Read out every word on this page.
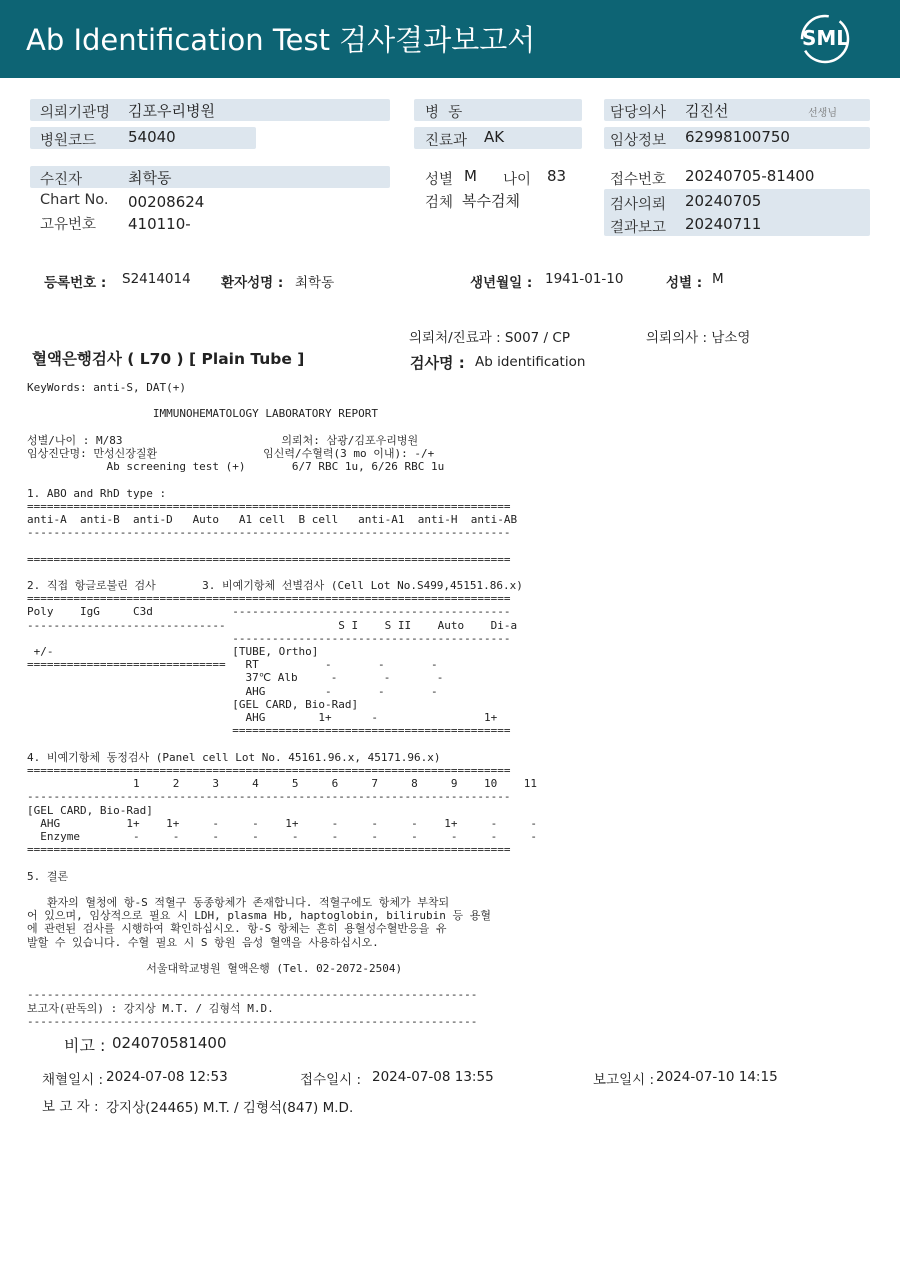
Ab Identification Test 검사결과보고서	SML
의뢰기관명 김포우리병원
병원코드 54040
병  동
진료과 AK
담당의사 김진선	선생님
임상정보 62998100750
수진자	최학동
Chart No. 00208624
고유번호 410110-
성별 M 나이 83
검체 복수검체
접수번호 20240705-81400
검사의뢰 20240705
결과보고 20240711
등록번호 : S2414014 환자성명 : 최학동	생년월일 : 1941-01-10	성별 : M
의뢰처/진료과 : S007 / CP	의뢰의사 : 남소영
혈액은행검사 ( L70 ) [ Plain Tube ]	검사명 : Ab identification
KeyWords: anti-S, DAT(+)

IMMUNOHEMATOLOGY LABORATORY REPORT

성별/나이 : M/83                        의뢰처: 삼광/김포우리병원
임상진단명: 만성신장질환                임신력/수혈력(3 mo 이내): -/+
Ab screening test (+)       6/7 RBC 1u, 6/26 RBC 1u

1. ABO and RhD type :
=========================================================================
anti-A  anti-B  anti-D   Auto   A1 cell  B cell   anti-A1  anti-H  anti-AB
-------------------------------------------------------------------------

=========================================================================

2. 직접 항글로불린 검사       3. 비예기항체 선별검사 (Cell Lot No.S499,45151.86.x)
=========================================================================
Poly    IgG     C3d            ------------------------------------------
------------------------------                 S I    S II    Auto    Di-a
------------------------------------------
+/-                           [TUBE, Ortho]
==============================   RT          -       -       -
37℃ Alb     -       -       -
AHG         -       -       -
[GEL CARD, Bio-Rad]
AHG        1+      -                1+
==========================================

4. 비예기항체 동정검사 (Panel cell Lot No. 45161.96.x, 45171.96.x)
=========================================================================
1     2     3     4     5     6     7     8     9    10    11
-------------------------------------------------------------------------
[GEL CARD, Bio-Rad]
AHG          1+    1+     -     -    1+     -     -     -    1+     -     -
Enzyme        -     -     -     -     -     -     -     -     -     -     -
=========================================================================

5. 결론

환자의 혈청에 항-S 적혈구 동종항체가 존재합니다. 적혈구에도 항체가 부착되
어 있으며, 임상적으로 필요 시 LDH, plasma Hb, haptoglobin, bilirubin 등 용혈
에 관련된 검사를 시행하여 확인하십시오. 항-S 항체는 흔히 용혈성수혈반응을 유
발할 수 있습니다. 수혈 필요 시 S 항원 음성 혈액을 사용하십시오.

서울대학교병원 혈액은행 (Tel. 02-2072-2504)

--------------------------------------------------------------------
보고자(판독의) : 강지상 M.T. / 김형석 M.D.
--------------------------------------------------------------------
비고 : 024070581400
채혈일시 : 2024-07-08 12:53	접수일시 : 2024-07-08 13:55	보고일시 : 2024-07-10 14:15
보 고 자 : 강지상(24465) M.T. / 김형석(847) M.D.
